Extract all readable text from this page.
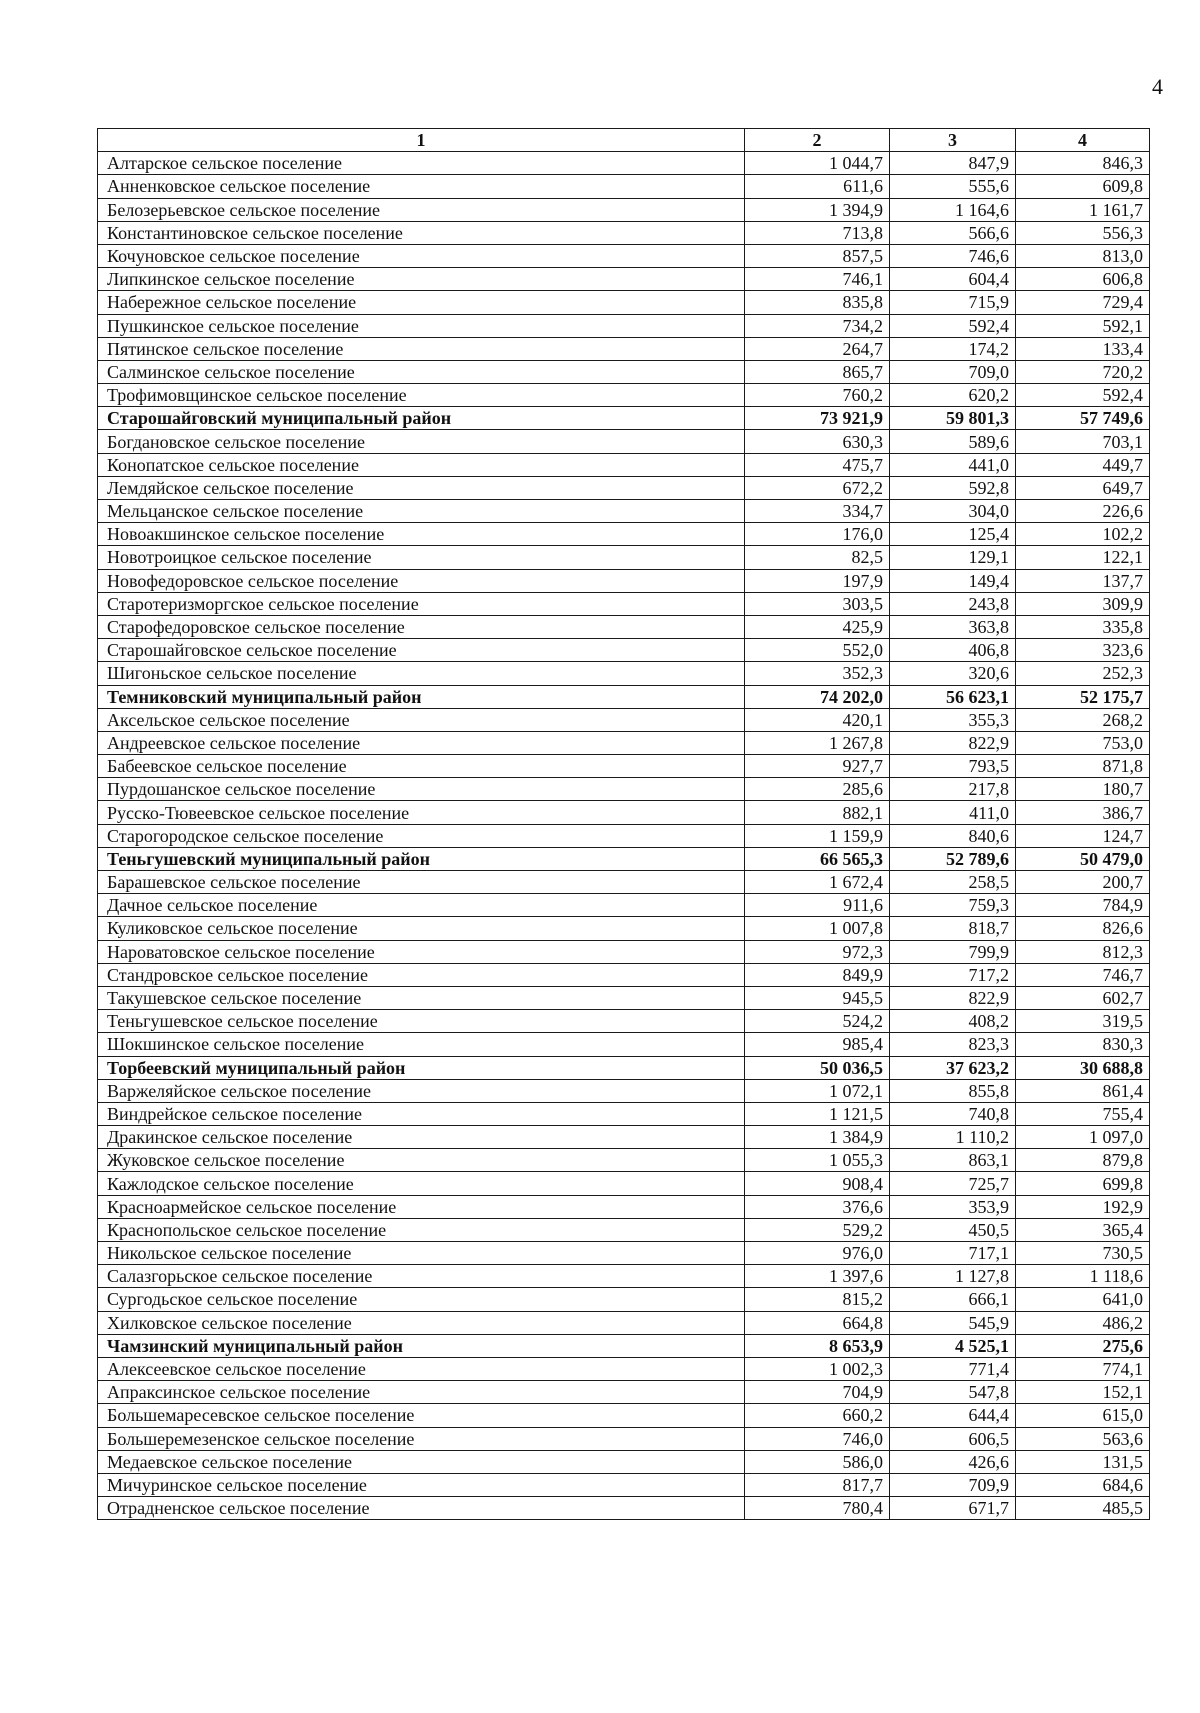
4
1	2	3	4
Алтарское сельское поселение	1 044,7	847,9	846,3
Анненковское сельское поселение	611,6	555,6	609,8
Белозерьевское сельское поселение	1 394,9	1 164,6	1 161,7
Константиновское сельское поселение	713,8	566,6	556,3
Кочуновское сельское поселение	857,5	746,6	813,0
Липкинское сельское поселение	746,1	604,4	606,8
Набережное сельское поселение	835,8	715,9	729,4
Пушкинское сельское поселение	734,2	592,4	592,1
Пятинское сельское поселение	264,7	174,2	133,4
Салминское сельское поселение	865,7	709,0	720,2
Трофимовщинское сельское поселение	760,2	620,2	592,4
Старошайговский муниципальный район	73 921,9	59 801,3	57 749,6
Богдановское сельское поселение	630,3	589,6	703,1
Конопатское сельское поселение	475,7	441,0	449,7
Лемдяйское сельское поселение	672,2	592,8	649,7
Мельцанское сельское поселение	334,7	304,0	226,6
Новоакшинское сельское поселение	176,0	125,4	102,2
Новотроицкое сельское поселение	82,5	129,1	122,1
Новофедоровское сельское поселение	197,9	149,4	137,7
Старотеризморгское сельское поселение	303,5	243,8	309,9
Старофедоровское сельское поселение	425,9	363,8	335,8
Старошайговское сельское поселение	552,0	406,8	323,6
Шигоньское сельское поселение	352,3	320,6	252,3
Темниковский муниципальный район	74 202,0	56 623,1	52 175,7
Аксельское сельское поселение	420,1	355,3	268,2
Андреевское сельское поселение	1 267,8	822,9	753,0
Бабеевское сельское поселение	927,7	793,5	871,8
Пурдошанское сельское поселение	285,6	217,8	180,7
Русско-Тювеевское сельское поселение	882,1	411,0	386,7
Старогородское сельское поселение	1 159,9	840,6	124,7
Теньгушевский муниципальный район	66 565,3	52 789,6	50 479,0
Барашевское сельское поселение	1 672,4	258,5	200,7
Дачное сельское поселение	911,6	759,3	784,9
Куликовское сельское поселение	1 007,8	818,7	826,6
Нароватовское сельское поселение	972,3	799,9	812,3
Стандровское сельское поселение	849,9	717,2	746,7
Такушевское сельское поселение	945,5	822,9	602,7
Теньгушевское сельское поселение	524,2	408,2	319,5
Шокшинское сельское поселение	985,4	823,3	830,3
Торбеевский муниципальный район	50 036,5	37 623,2	30 688,8
Варжеляйское сельское поселение	1 072,1	855,8	861,4
Виндрейское сельское поселение	1 121,5	740,8	755,4
Дракинское сельское поселение	1 384,9	1 110,2	1 097,0
Жуковское сельское поселение	1 055,3	863,1	879,8
Кажлодское сельское поселение	908,4	725,7	699,8
Красноармейское сельское поселение	376,6	353,9	192,9
Краснопольское сельское поселение	529,2	450,5	365,4
Никольское сельское поселение	976,0	717,1	730,5
Салазгорьское сельское поселение	1 397,6	1 127,8	1 118,6
Сургодьское сельское поселение	815,2	666,1	641,0
Хилковское сельское поселение	664,8	545,9	486,2
Чамзинский муниципальный район	8 653,9	4 525,1	275,6
Алексеевское сельское поселение	1 002,3	771,4	774,1
Апраксинское сельское поселение	704,9	547,8	152,1
Большемаресевское сельское поселение	660,2	644,4	615,0
Большеремезенское сельское поселение	746,0	606,5	563,6
Медаевское сельское поселение	586,0	426,6	131,5
Мичуринское сельское поселение	817,7	709,9	684,6
Отрадненское сельское поселение	780,4	671,7	485,5
